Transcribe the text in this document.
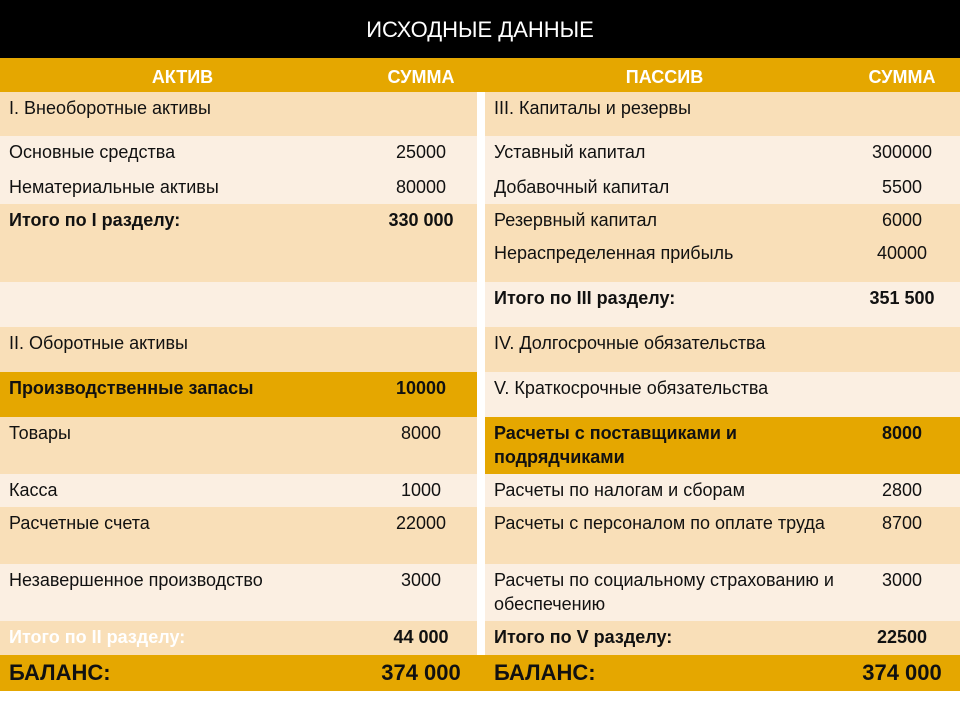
ИСХОДНЫЕ ДАННЫЕ
АКТИВ	СУММА		ПАССИВ	СУММА
I. Внеоборотные активы			III. Капиталы и резервы	
Основные средства	25000		Уставный капитал	300000
Нематериальные активы	80000		Добавочный капитал	5500
Итого по I разделу:	330 000		Резервный капитал	6000
			Нераспределенная прибыль	40000
			Итого по III разделу:	351 500
II. Оборотные активы			IV. Долгосрочные обязательства	
Производственные запасы	10000		V. Краткосрочные обязательства	
Товары	8000		Расчеты с поставщиками и подрядчиками	8000
Касса	1000		Расчеты по налогам и сборам	2800
Расчетные счета	22000		Расчеты с персоналом по оплате труда	8700
Незавершенное производство	3000		Расчеты по социальному страхованию и обеспечению	3000
Итого по II разделу:	44 000		Итого по V разделу:	22500
БАЛАНС:	374 000		БАЛАНС:	374 000
